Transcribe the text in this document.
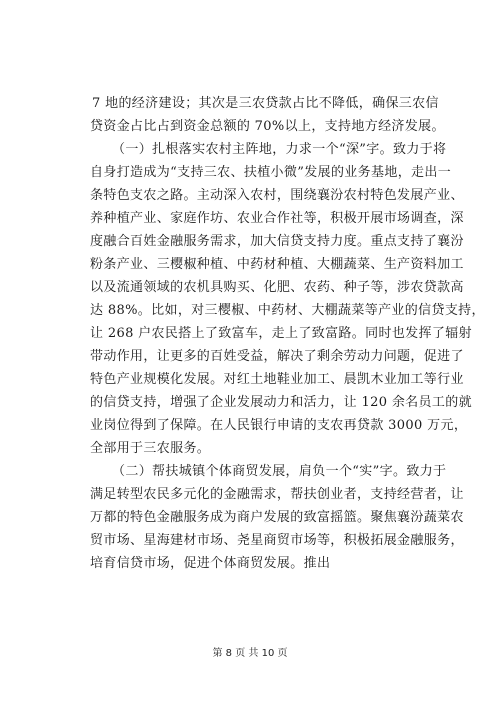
7 地的经济建设；其次是三农贷款占比不降低，确保三农信
贷资金占比占到资金总额的 70%以上，支持地方经济发展。
（一）扎根落实农村主阵地，力求一个“深”字。致力于将
自身打造成为“支持三农、扶植小微”发展的业务基地，走出一
条特色支农之路。主动深入农村，围绕襄汾农村特色发展产业、
养种植产业、家庭作坊、农业合作社等，积极开展市场调查，深
度融合百姓金融服务需求，加大信贷支持力度。重点支持了襄汾
粉条产业、三樱椒种植、中药材种植、大棚蔬菜、生产资料加工
以及流通领域的农机具购买、化肥、农药、种子等，涉农贷款高
达 88%。比如，对三樱椒、中药材、大棚蔬菜等产业的信贷支持，
让 268 户农民搭上了致富车，走上了致富路。同时也发挥了辐射
带动作用，让更多的百姓受益，解决了剩余劳动力问题，促进了
特色产业规模化发展。对红土地鞋业加工、晨凯木业加工等行业
的信贷支持，增强了企业发展动力和活力，让 120 余名员工的就
业岗位得到了保障。在人民银行申请的支农再贷款 3000 万元，
全部用于三农服务。
（二）帮扶城镇个体商贸发展，肩负一个“实”字。致力于
满足转型农民多元化的金融需求，帮扶创业者，支持经营者，让
万都的特色金融服务成为商户发展的致富摇篮。聚焦襄汾蔬菜农
贸市场、星海建材市场、尧星商贸市场等，积极拓展金融服务，
培育信贷市场，促进个体商贸发展。推出
第 8 页 共 10 页
